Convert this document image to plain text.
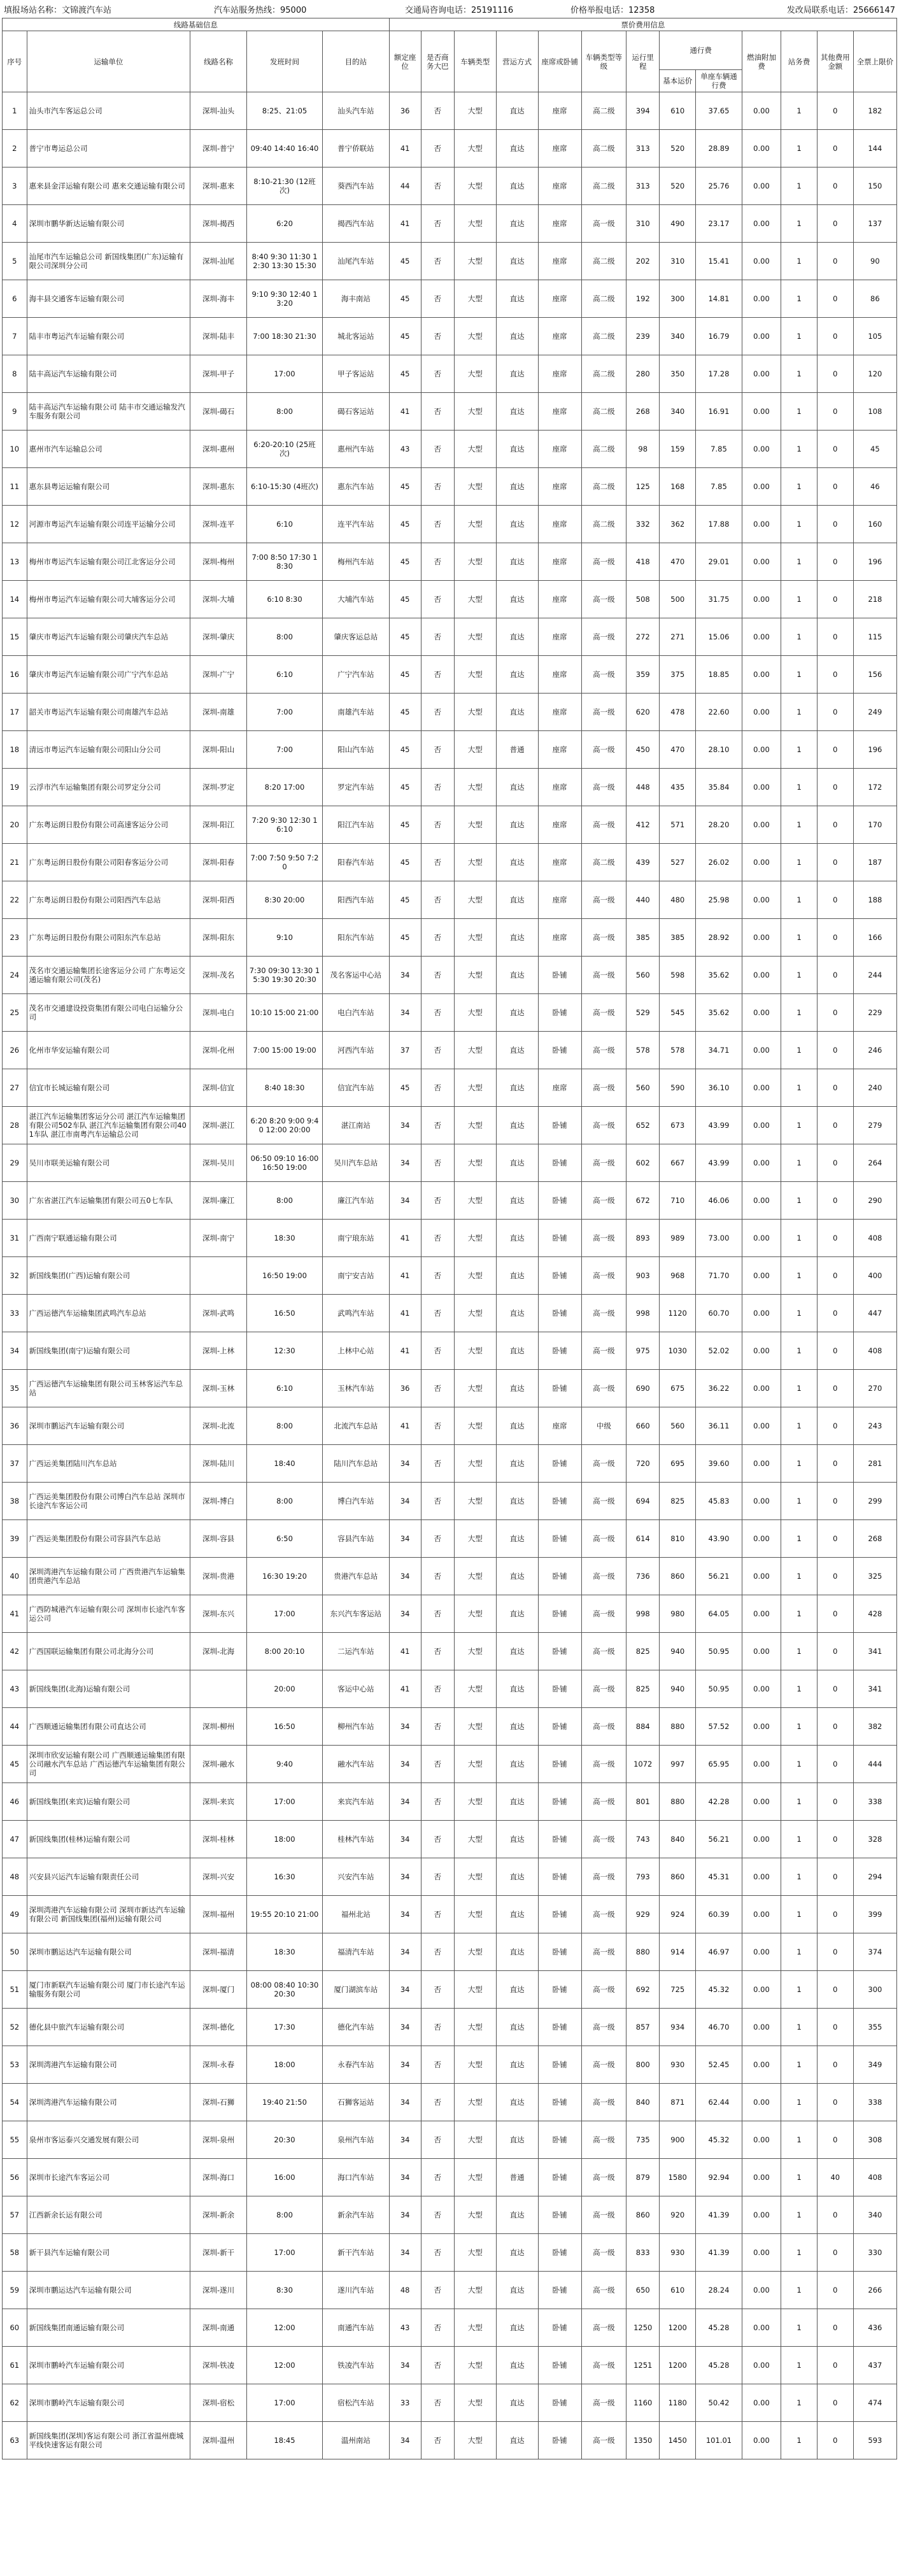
填报场站名称：文锦渡汽车站	汽车站服务热线：95000	交通局咨询电话：25191116	价格举报电话：12358	发改局联系电话：25666147
线路基础信息					票价费用信息												
序号	运输单位	线路名称	发班时间	目的站	额定座位	是否商务大巴	车辆类型	营运方式	座席或卧铺	车辆类型等级	运行里程	通行费		燃油附加费	站务费	其他费用金额	全票上限价
												基本运价	单座车辆通行费				
1	汕头市汽车客运总公司	深圳-汕头	8:25、21:05	汕头汽车站	36	否	大型	直达	座席	高二级	394	610	37.65	0.00	1	0	182
2	普宁市粤运总公司	深圳-普宁	09:40 14:40 16:40	普宁侨联站	41	否	大型	直达	座席	高二级	313	520	28.89	0.00	1	0	144
3	惠来县金洋运输有限公司 惠来交通运输有限公司	深圳-惠来	8:10-21:30 (12班次)	葵西汽车站	44	否	大型	直达	座席	高二级	313	520	25.76	0.00	1	0	150
4	深圳市鹏华新达运输有限公司	深圳-揭西	6:20	揭西汽车站	41	否	大型	直达	座席	高一级	310	490	23.17	0.00	1	0	137
5	汕尾市汽车运输总公司 新国线集团(广东)运输有限公司深圳分公司	深圳-汕尾	8:40 9:30 11:30 12:30 13:30 15:30	汕尾汽车站	45	否	大型	直达	座席	高二级	202	310	15.41	0.00	1	0	90
6	海丰县交通客车运输有限公司	深圳-海丰	9:10 9:30 12:40 13:20	海丰南站	45	否	大型	直达	座席	高二级	192	300	14.81	0.00	1	0	86
7	陆丰市粤运汽车运输有限公司	深圳-陆丰	7:00 18:30 21:30	城北客运站	45	否	大型	直达	座席	高二级	239	340	16.79	0.00	1	0	105
8	陆丰高运汽车运输有限公司	深圳-甲子	17:00	甲子客运站	45	否	大型	直达	座席	高二级	280	350	17.28	0.00	1	0	120
9	陆丰高运汽车运输有限公司 陆丰市交通运输发汽车服务有限公司	深圳-碣石	8:00	碣石客运站	41	否	大型	直达	座席	高二级	268	340	16.91	0.00	1	0	108
10	惠州市汽车运输总公司	深圳-惠州	6:20-20:10 (25班次)	惠州汽车站	43	否	大型	直达	座席	高二级	98	159	7.85	0.00	1	0	45
11	惠东县粤运运输有限公司	深圳-惠东	6:10-15:30 (4班次)	惠东汽车站	45	否	大型	直达	座席	高二级	125	168	7.85	0.00	1	0	46
12	河源市粤运汽车运输有限公司连平运输分公司	深圳-连平	6:10	连平汽车站	45	否	大型	直达	座席	高二级	332	362	17.88	0.00	1	0	160
13	梅州市粤运汽车运输有限公司江北客运分公司	深圳-梅州	7:00 8:50 17:30 18:30	梅州汽车站	45	否	大型	直达	座席	高一级	418	470	29.01	0.00	1	0	196
14	梅州市粤运汽车运输有限公司大埔客运分公司	深圳-大埔	6:10 8:30	大埔汽车站	45	否	大型	直达	座席	高一级	508	500	31.75	0.00	1	0	218
15	肇庆市粤运汽车运输有限公司肇庆汽车总站	深圳-肇庆	8:00	肇庆客运总站	45	否	大型	直达	座席	高一级	272	271	15.06	0.00	1	0	115
16	肇庆市粤运汽车运输有限公司广宁汽车总站	深圳-广宁	6:10	广宁汽车站	45	否	大型	直达	座席	高一级	359	375	18.85	0.00	1	0	156
17	韶关市粤运汽车运输有限公司南雄汽车总站	深圳-南雄	7:00	南雄汽车站	45	否	大型	直达	座席	高一级	620	478	22.60	0.00	1	0	249
18	清远市粤运汽车运输有限公司阳山分公司	深圳-阳山	7:00	阳山汽车站	45	否	大型	普通	座席	高一级	450	470	28.10	0.00	1	0	196
19	云浮市汽车运输集团有限公司罗定分公司	深圳-罗定	8:20 17:00	罗定汽车站	45	否	大型	直达	座席	高一级	448	435	35.84	0.00	1	0	172
20	广东粤运朗日股份有限公司高速客运分公司	深圳-阳江	7:20 9:30 12:30 16:10	阳江汽车站	45	否	大型	直达	座席	高一级	412	571	28.20	0.00	1	0	170
21	广东粤运朗日股份有限公司阳春客运分公司	深圳-阳春	7:00 7:50 9:50 7:20	阳春汽车站	45	否	大型	直达	座席	高二级	439	527	26.02	0.00	1	0	187
22	广东粤运朗日股份有限公司阳西汽车总站	深圳-阳西	8:30 20:00	阳西汽车站	45	否	大型	直达	座席	高一级	440	480	25.98	0.00	1	0	188
23	广东粤运朗日股份有限公司阳东汽车总站	深圳-阳东	9:10	阳东汽车站	45	否	大型	直达	座席	高一级	385	385	28.92	0.00	1	0	166
24	茂名市交通运输集团长途客运分公司 广东粤运交通运输有限公司(茂名)	深圳-茂名	7:30 09:30 13:30 15:30 19:30 20:30	茂名客运中心站	34	否	大型	直达	卧铺	高一级	560	598	35.62	0.00	1	0	244
25	茂名市交通建设投资集团有限公司电白运输分公司	深圳-电白	10:10 15:00 21:00	电白汽车站	34	否	大型	直达	卧铺	高一级	529	545	35.62	0.00	1	0	229
26	化州市华安运输有限公司	深圳-化州	7:00 15:00 19:00	河西汽车站	37	否	大型	直达	卧铺	高一级	578	578	34.71	0.00	1	0	246
27	信宜市长城运输有限公司	深圳-信宜	8:40 18:30	信宜汽车站	45	否	大型	直达	座席	高一级	560	590	36.10	0.00	1	0	240
28	湛江汽车运输集团客运分公司 湛江汽车运输集团有限公司502车队 湛江汽车运输集团有限公司401车队 湛江市南粤汽车运输总公司	深圳-湛江	6:20 8:20 9:00 9:40 12:00 20:00	湛江南站	34	否	大型	直达	卧铺	高一级	652	673	43.99	0.00	1	0	279
29	吴川市联美运输有限公司	深圳-吴川	06:50 09:10 16:00 16:50 19:00	吴川汽车总站	34	否	大型	直达	卧铺	高一级	602	667	43.99	0.00	1	0	264
30	广东省湛江汽车运输集团有限公司五0七车队	深圳-廉江	8:00	廉江汽车站	34	否	大型	直达	卧铺	高一级	672	710	46.06	0.00	1	0	290
31	广西南宁联通运输有限公司	深圳-南宁	18:30	南宁琅东站	41	否	大型	直达	卧铺	高一级	893	989	73.00	0.00	1	0	408
32	新国线集团(广西)运输有限公司		16:50 19:00	南宁安吉站	41	否	大型	直达	卧铺	高一级	903	968	71.70	0.00	1	0	400
33	广西运德汽车运输集团武鸣汽车总站	深圳-武鸣	16:50	武鸣汽车站	41	否	大型	直达	卧铺	高一级	998	1120	60.70	0.00	1	0	447
34	新国线集团(南宁)运输有限公司	深圳-上林	12:30	上林中心站	41	否	大型	直达	卧铺	高一级	975	1030	52.02	0.00	1	0	408
35	广西运德汽车运输集团有限公司玉林客运汽车总站	深圳-玉林	6:10	玉林汽车站	36	否	大型	直达	卧铺	高一级	690	675	36.22	0.00	1	0	270
36	深圳市鹏运汽车运输有限公司	深圳-北流	8:00	北流汽车总站	41	否	大型	直达	座席	中级	660	560	36.11	0.00	1	0	243
37	广西运美集团陆川汽车总站	深圳-陆川	18:40	陆川汽车总站	34	否	大型	直达	卧铺	高一级	720	695	39.60	0.00	1	0	281
38	广西运美集团股份有限公司博白汽车总站 深圳市长途汽车客运公司	深圳-博白	8:00	博白汽车站	34	否	大型	直达	卧铺	高一级	694	825	45.83	0.00	1	0	299
39	广西运美集团股份有限公司容县汽车总站	深圳-容县	6:50	容县汽车站	34	否	大型	直达	卧铺	高一级	614	810	43.90	0.00	1	0	268
40	深圳湾港汽车运输有限公司 广西贵港汽车运输集团贵港汽车总站	深圳-贵港	16:30 19:20	贵港汽车总站	34	否	大型	直达	卧铺	高一级	736	860	56.21	0.00	1	0	325
41	广西防城港汽车运输有限公司 深圳市长途汽车客运公司	深圳-东兴	17:00	东兴汽车客运站	34	否	大型	直达	卧铺	高一级	998	980	64.05	0.00	1	0	428
42	广西国联运输集团有限公司北海分公司	深圳-北海	8:00 20:10	二运汽车站	41	否	大型	直达	卧铺	高一级	825	940	50.95	0.00	1	0	341
43	新国线集团(北海)运输有限公司		20:00	客运中心站	41	否	大型	直达	卧铺	高一级	825	940	50.95	0.00	1	0	341
44	广西顺通运输集团有限公司直达公司	深圳-柳州	16:50	柳州汽车站	34	否	大型	直达	卧铺	高一级	884	880	57.52	0.00	1	0	382
45	深圳市欣安运输有限公司 广西顺通运输集团有限公司融水汽车总站 广西运德汽车运输集团有限公司	深圳-融水	9:40	融水汽车站	34	否	大型	直达	卧铺	高一级	1072	997	65.95	0.00	1	0	444
46	新国线集团(来宾)运输有限公司	深圳-来宾	17:00	来宾汽车站	34	否	大型	直达	卧铺	高一级	801	880	42.28	0.00	1	0	338
47	新国线集团(桂林)运输有限公司	深圳-桂林	18:00	桂林汽车站	34	否	大型	直达	卧铺	高一级	743	840	56.21	0.00	1	0	328
48	兴安县兴运汽车运输有限责任公司	深圳-兴安	16:30	兴安汽车站	34	否	大型	直达	卧铺	高一级	793	860	45.31	0.00	1	0	294
49	深圳湾港汽车运输有限公司 深圳市新达汽车运输有限公司 新国线集团(福州)运输有限公司	深圳-福州	19:55 20:10 21:00	福州北站	34	否	大型	直达	卧铺	高一级	929	924	60.39	0.00	1	0	399
50	深圳市鹏运达汽车运输有限公司	深圳-福清	18:30	福清汽车站	34	否	大型	直达	卧铺	高一级	880	914	46.97	0.00	1	0	374
51	厦门市新联汽车运输有限公司 厦门市长途汽车运输服务有限公司	深圳-厦门	08:00 08:40 10:30 20:30	厦门湖滨车站	34	否	大型	直达	卧铺	高一级	692	725	45.32	0.00	1	0	300
52	德化县中旅汽车运输有限公司	深圳-德化	17:30	德化汽车站	34	否	大型	直达	卧铺	高一级	857	934	46.70	0.00	1	0	355
53	深圳湾港汽车运输有限公司	深圳-永春	18:00	永春汽车站	34	否	大型	直达	卧铺	高一级	800	930	52.45	0.00	1	0	349
54	深圳湾港汽车运输有限公司	深圳-石狮	19:40 21:50	石狮客运站	34	否	大型	直达	卧铺	高一级	840	871	62.44	0.00	1	0	338
55	泉州市客运泰兴交通发展有限公司	深圳-泉州	20:30	泉州汽车站	34	否	大型	直达	卧铺	高一级	735	900	45.32	0.00	1	0	308
56	深圳市长途汽车客运公司	深圳-海口	16:00	海口汽车站	34	否	大型	普通	卧铺	高一级	879	1580	92.94	0.00	1	40	408
57	江西新余长运有限公司	深圳-新余	8:00	新余汽车站	34	否	大型	直达	卧铺	高一级	860	920	41.39	0.00	1	0	340
58	新干县汽车运输有限公司	深圳-新干	17:00	新干汽车站	34	否	大型	直达	卧铺	高一级	833	930	41.39	0.00	1	0	330
59	深圳市鹏运达汽车运输有限公司	深圳-遂川	8:30	遂川汽车站	48	否	大型	直达	卧铺	高一级	650	610	28.24	0.00	1	0	266
60	新国线集团南通运输有限公司	深圳-南通	12:00	南通汽车站	43	否	大型	直达	卧铺	高一级	1250	1200	45.28	0.00	1	0	436
61	深圳市鹏岭汽车运输有限公司	深圳-铁凌	12:00	铁凌汽车站	34	否	大型	直达	卧铺	高一级	1251	1200	45.28	0.00	1	0	437
62	深圳市鹏岭汽车运输有限公司	深圳-宿松	17:00	宿松汽车站	33	否	大型	直达	卧铺	高一级	1160	1180	50.42	0.00	1	0	474
63	新国线集团(深圳)客运有限公司 浙江省温州鹿城平线快速客运有限公司	深圳-温州	18:45	温州南站	34	否	大型	直达	卧铺	高一级	1350	1450	101.01	0.00	1	0	593
